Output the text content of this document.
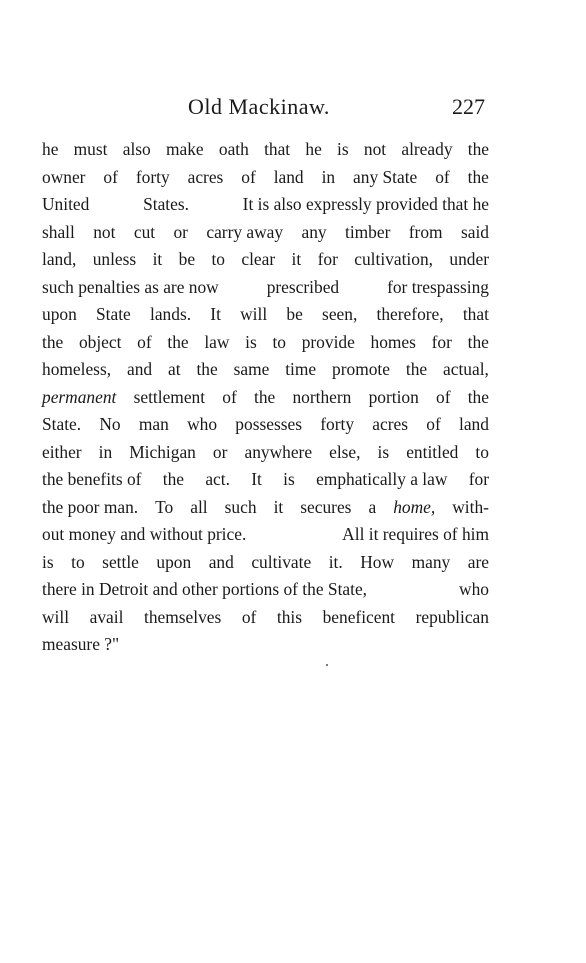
Old Mackinaw.	227
he must also make oath that he is not already the
owner of forty acres of land in any State of the
United	States.	It is also expressly provided that he
shall not cut or carry away any timber from said
land, unless it be to clear it for cultivation, under
such penalties as are now	prescribed	for trespassing
upon State lands. It will be seen, therefore, that
the object of the law is to provide homes for the
homeless, and at the same time promote the actual,
permanent settlement of the northern portion of the
State. No man who possesses forty acres of land
either in Michigan or anywhere else, is entitled to
the benefits of the act. It is emphatically a law for
the poor man. To all such it secures a home, with-
out money and without price.	All it requires of him
is to settle upon and cultivate it. How many are
there in Detroit and other portions of the State,	who
will avail themselves of this beneficent republican
measure ?"
